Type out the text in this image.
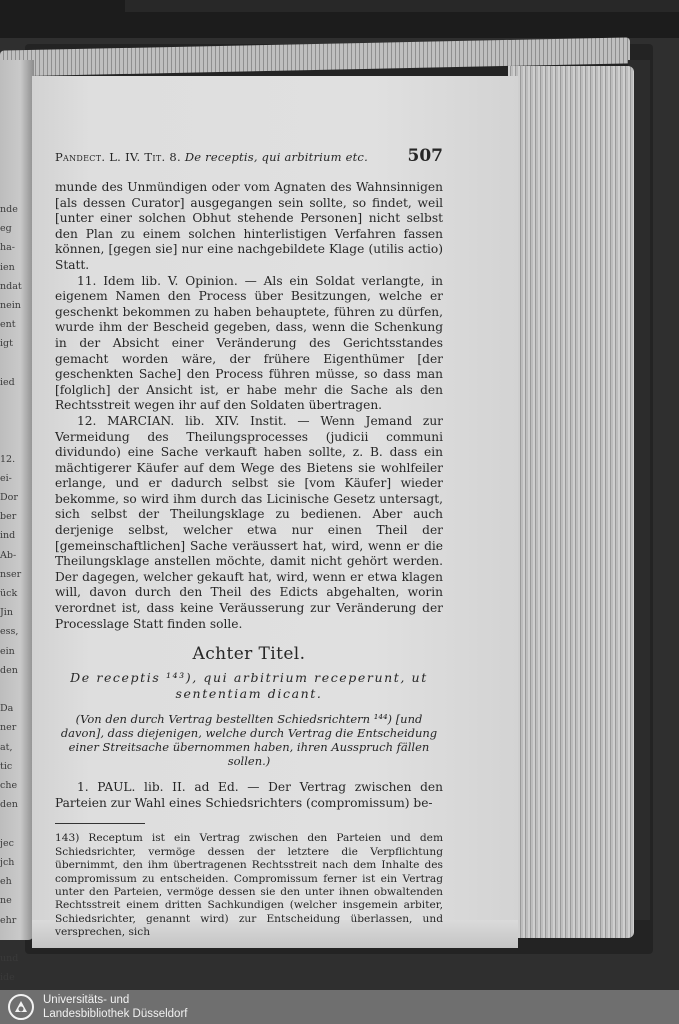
nde
eg
ha-
ien
ndat
nein
ent
igt

ied

12.
ei-
Dor
ber
ind
Ab-
nser
ück
Jin
ess,
ein
den

Da
ner
at,
tic
che
den

jec
jch
eh
ne
ehr

und
ide
Pandect. L. IV. Tit. 8. De receptis, qui arbitrium etc. 507

munde des Unmündigen oder vom Agnaten des Wahnsinnigen [als dessen Curator] ausgegangen sein sollte, so findet, weil [unter einer solchen Obhut stehende Personen] nicht selbst den Plan zu einem solchen hinterlistigen Verfahren fassen können, [gegen sie] nur eine nachgebildete Klage (utilis actio) Statt.

11. Idem lib. V. Opinion. — Als ein Soldat verlangte, in eigenem Namen den Process über Besitzungen, welche er geschenkt bekommen zu haben behauptete, führen zu dürfen, wurde ihm der Bescheid gegeben, dass, wenn die Schenkung in der Absicht einer Veränderung des Gerichtsstandes gemacht worden wäre, der frühere Eigenthümer [der geschenkten Sache] den Process führen müsse, so dass man [folglich] der Ansicht ist, er habe mehr die Sache als den Rechtsstreit wegen ihr auf den Soldaten übertragen.

12. MARCIAN. lib. XIV. Instit. — Wenn Jemand zur Vermeidung des Theilungsprocesses (judicii communi dividundo) eine Sache verkauft haben sollte, z. B. dass ein mächtigerer Käufer auf dem Wege des Bietens sie wohlfeiler erlange, und er dadurch selbst sie [vom Käufer] wieder bekomme, so wird ihm durch das Licinische Gesetz untersagt, sich selbst der Theilungsklage zu bedienen. Aber auch derjenige selbst, welcher etwa nur einen Theil der [gemeinschaftlichen] Sache veräussert hat, wird, wenn er die Theilungsklage anstellen möchte, damit nicht gehört werden. Der dagegen, welcher gekauft hat, wird, wenn er etwa klagen will, davon durch den Theil des Edicts abgehalten, worin verordnet ist, dass keine Veräusserung zur Veränderung der Processlage Statt finden solle.

Achter Titel.
De receptis ¹⁴³), qui arbitrium receperunt, ut sententiam dicant.
(Von den durch Vertrag bestellten Schiedsrichtern ¹⁴⁴) [und davon], dass diejenigen, welche durch Vertrag die Entscheidung einer Streitsache übernommen haben, ihren Ausspruch fällen sollen.)

1. PAUL. lib. II. ad Ed. — Der Vertrag zwischen den Parteien zur Wahl eines Schiedsrichters (compromissum) be-

143) Receptum ist ein Vertrag zwischen den Parteien und dem Schiedsrichter, vermöge dessen der letztere die Verpflichtung übernimmt, den ihm übertragenen Rechtsstreit nach dem Inhalte des compromissum zu entscheiden. Compromissum ferner ist ein Vertrag unter den Parteien, vermöge dessen sie den unter ihnen obwaltenden Rechtsstreit einem dritten Sachkundigen (welcher insgemein arbiter, Schiedsrichter, genannt wird) zur Entscheidung überlassen, und versprechen, sich
Universitäts- und
Landesbibliothek Düsseldorf
